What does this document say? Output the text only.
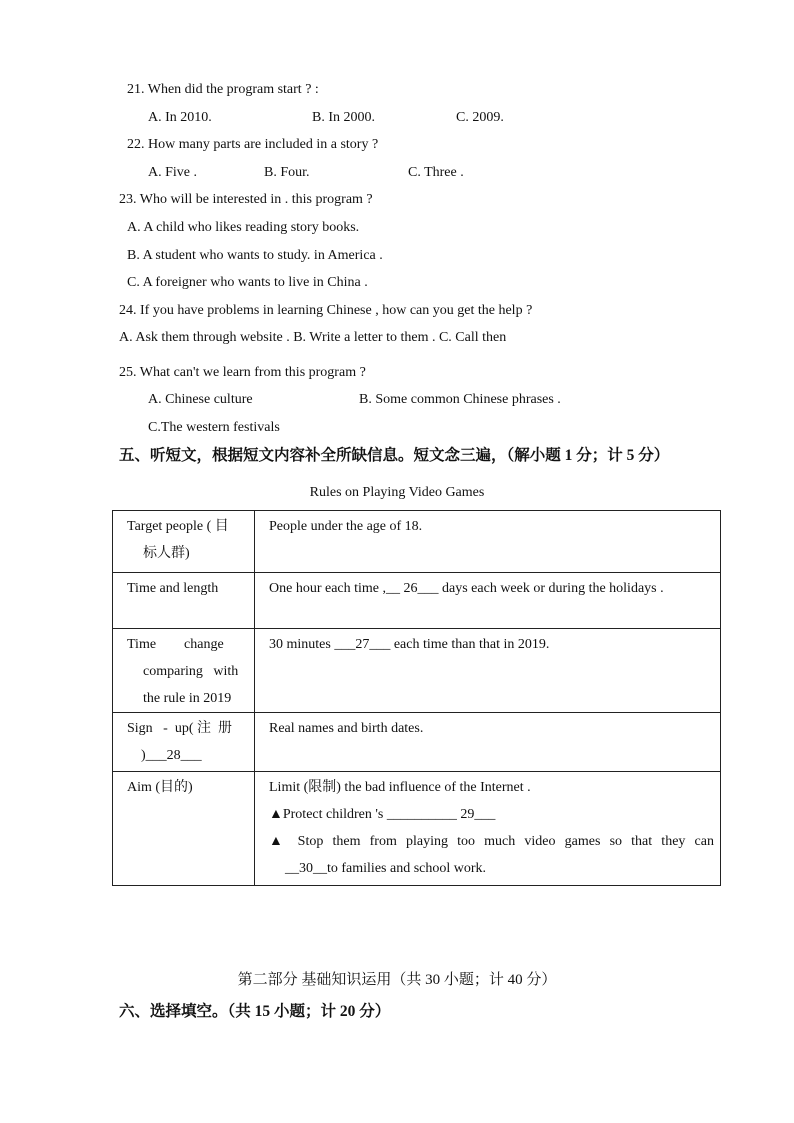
21. When did the program start ? :
A. In 2010.	B. In 2000.	C. 2009.
22. How many parts are included in a story ?
A. Five .	B. Four.	C. Three .
23. Who will be interested in . this program ?
A. A child who likes reading story books.
B. A student who wants to study. in America .
C. A foreigner who wants to live in China .
24. If you have problems in learning Chinese , how can you get the help ?
A. Ask them through website . B. Write a letter to them . C. Call then
25. What can't we learn from this program ?
A. Chinese culture	B. Some common Chinese phrases .
C.The western festivals
五、听短文，根据短文内容补全所缺信息。短文念三遍，（解小题 1 分；计 5 分）
Rules on Playing Video Games
Target people ( 目
标人群)	People under the age of 18.
Time and length	One hour each time ,__ 26___ days each week or during the holidays .
Time        change
comparing   with
the rule in 2019	30 minutes ___27___ each time than that in 2019.
Sign   -  up( 注  册
)___28___	Real names and birth dates.
Aim (目的)	Limit (限制) the bad influence of the Internet .
▲Protect children 's __________ 29___

▲ Stop them from playing too much video games so that they can
__30__to families and school work.
第二部分 基础知识运用（共 30 小题；计 40 分）
六、选择填空。（共 15 小题；计 20 分）
